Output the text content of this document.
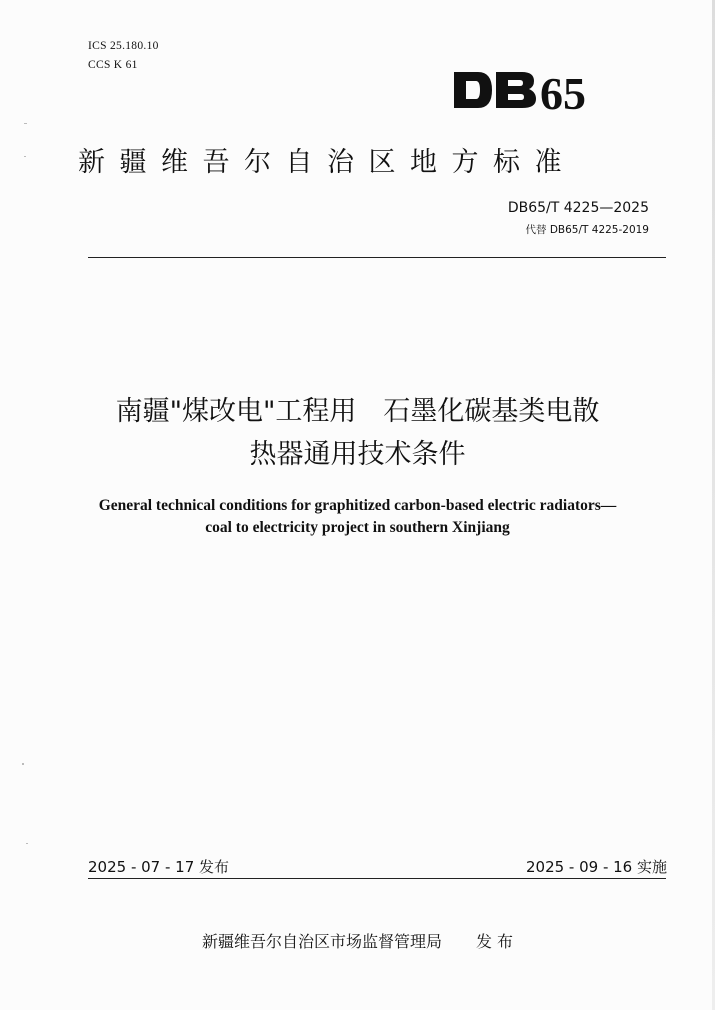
ICS 25.180.10
CCS K 61
65
新疆维吾尔自治区地方标准
DB65/T 4225—2025
代替 DB65/T 4225-2019
南疆"煤改电"工程用　石墨化碳基类电散
热器通用技术条件
General technical conditions for graphitized carbon-based electric radiators—
coal to electricity project in southern Xinjiang
2025 - 07 - 17 发布	2025 - 09 - 16 实施
新疆维吾尔自治区市场监督管理局 发 布
